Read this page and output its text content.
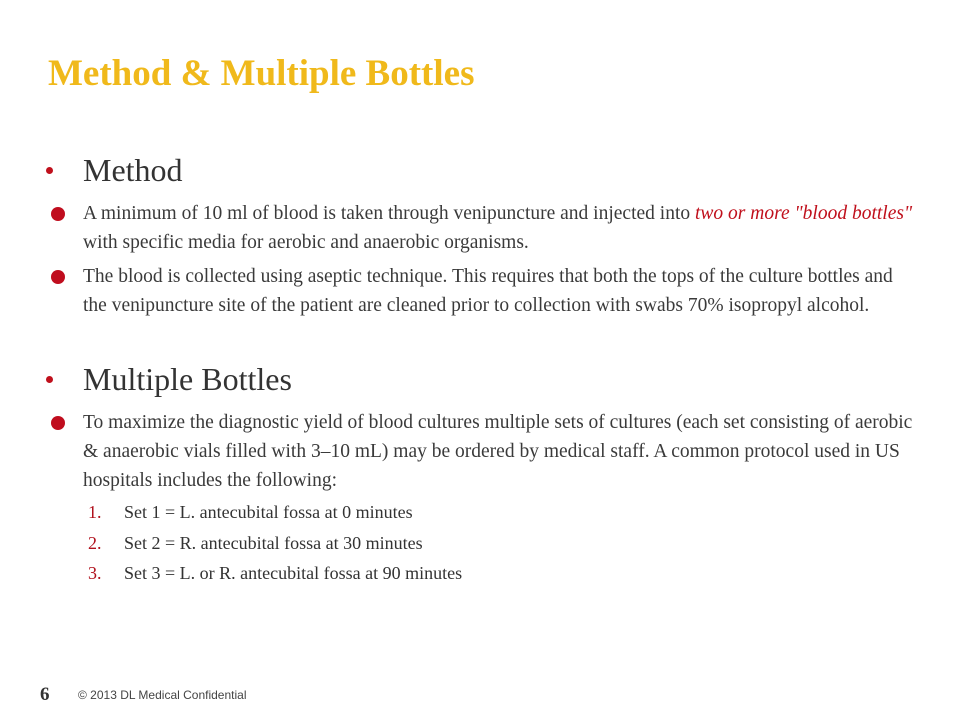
Method & Multiple Bottles
Method
A minimum of 10 ml of blood is taken through venipuncture and injected into two or more "blood bottles" with specific media for aerobic and anaerobic organisms.
The blood is collected using aseptic technique. This requires that both the tops of the culture bottles and the venipuncture site of the patient are cleaned prior to collection with swabs 70% isopropyl alcohol.
Multiple Bottles
To maximize the diagnostic yield of blood cultures multiple sets of cultures (each set consisting of aerobic & anaerobic vials filled with 3–10 mL) may be ordered by medical staff. A common protocol used in US hospitals includes the following:
1. Set 1 = L. antecubital fossa at 0 minutes
2. Set 2 = R. antecubital fossa at 30 minutes
3. Set 3 = L. or R. antecubital fossa at 90 minutes
6 © 2013 DL Medical Confidential
